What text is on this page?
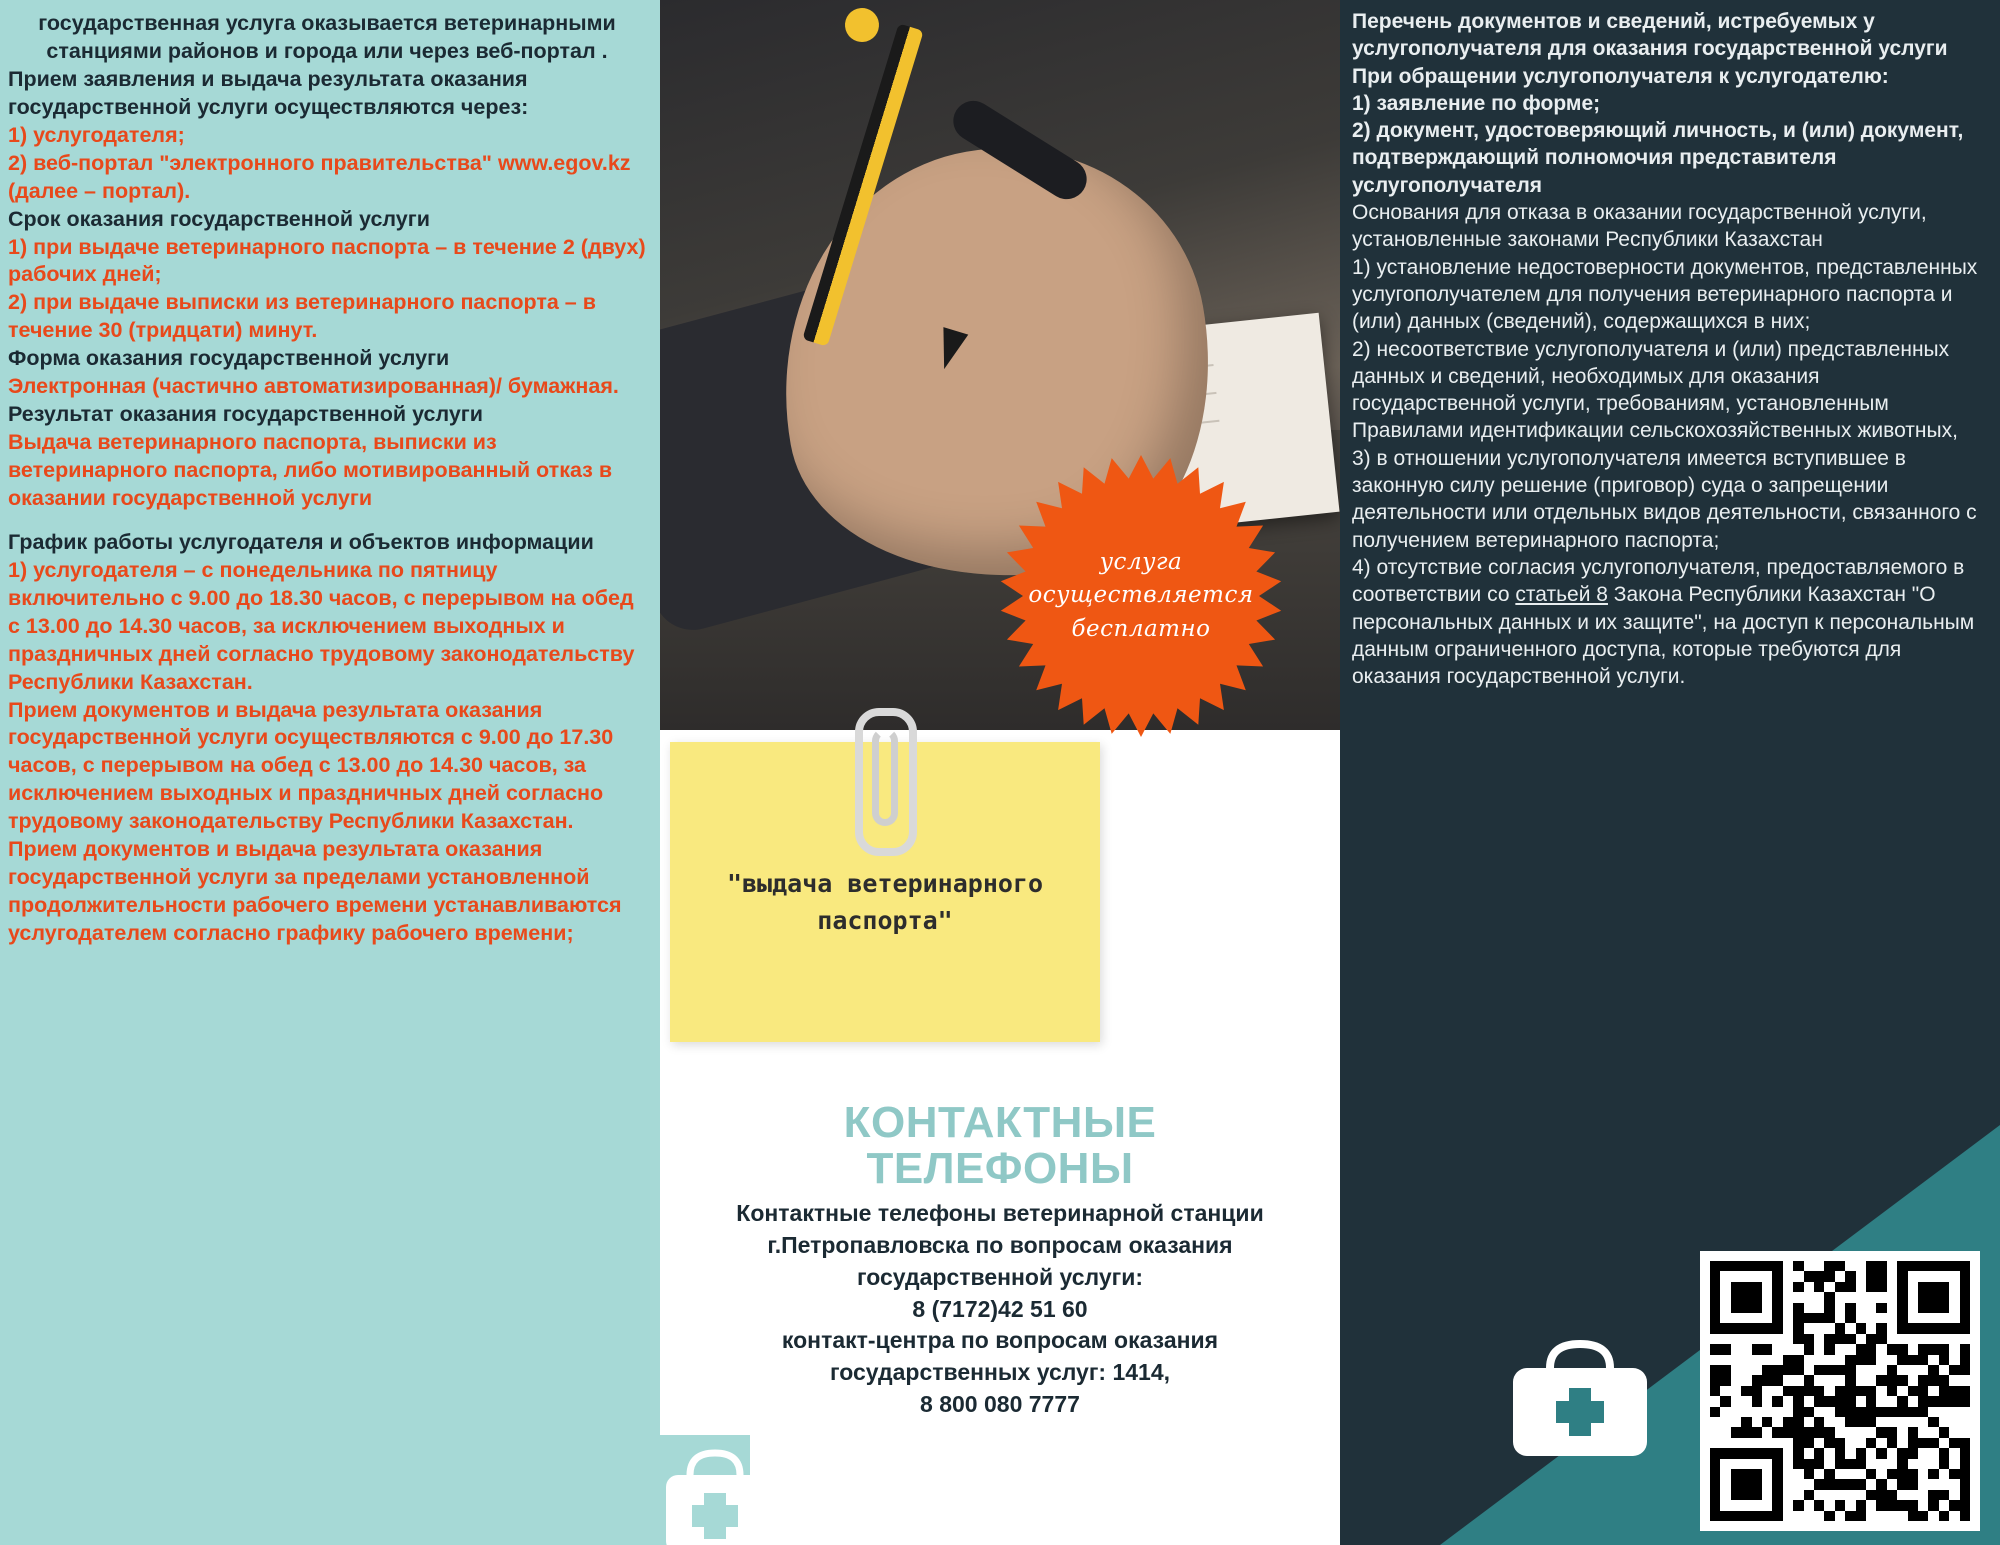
государственная услуга оказывается ветеринарными станциями районов и города или через веб-портал .

Прием заявления и выдача результата оказания государственной услуги осуществляются через:

1) услугодателя;

2) веб-портал "электронного правительства" www.egov.kz (далее – портал).

Срок оказания государственной услуги

1) при выдаче ветеринарного паспорта – в течение 2 (двух) рабочих дней;

2) при выдаче выписки из ветеринарного паспорта – в течение 30 (тридцати) минут.

Форма оказания государственной услуги

Электронная (частично автоматизированная)/ бумажная.

Результат оказания государственной услуги

Выдача ветеринарного паспорта, выписки из ветеринарного паспорта, либо мотивированный отказ в оказании государственной услуги

График работы услугодателя и объектов информации

1) услугодателя – с понедельника по пятницу включительно с 9.00 до 18.30 часов, с перерывом на обед с 13.00 до 14.30 часов, за исключением выходных и праздничных дней согласно трудовому законодательству Республики Казахстан.

Прием документов и выдача результата оказания государственной услуги осуществляются с 9.00 до 17.30 часов, с перерывом на обед с 13.00 до 14.30 часов, за исключением выходных и праздничных дней согласно трудовому законодательству Республики Казахстан.

Прием документов и выдача результата оказания государственной услуги за пределами установленной продолжительности рабочего времени устанавливаются услугодателем согласно графику рабочего времени;

"выдача ветеринарного паспорта"
КОНТАКТНЫЕ ТЕЛЕФОНЫ

Контактные телефоны ветеринарной станции г.Петропавловска по вопросам оказания государственной услуги:

8 (7172)42 51 60

контакт-центра по вопросам оказания государственных услуг: 1414,

8 800 080 7777

Перечень документов и сведений, истребуемых у услугополучателя для оказания государственной услуги При обращении услугополучателя к услугодателю:

1) заявление по форме;

2) документ, удостоверяющий личность, и (или) документ, подтверждающий полномочия представителя услугополучателя

Основания для отказа в оказании государственной услуги, установленные законами Республики Казахстан

1) установление недостоверности документов, представленных услугополучателем для получения ветеринарного паспорта и (или) данных (сведений), содержащихся в них;

2) несоответствие услугополучателя и (или) представленных данных и сведений, необходимых для оказания государственной услуги, требованиям, установленным Правилами идентификации сельскохозяйственных животных, 3) в отношении услугополучателя имеется вступившее в законную силу решение (приговор) суда о запрещении деятельности или отдельных видов деятельности, связанного с получением ветеринарного паспорта;

4) отсутствие согласия услугополучателя, предоставляемого в соответствии со статьей 8 Закона Республики Казахстан "О персональных данных и их защите", на доступ к персональным данным ограниченного доступа, которые требуются для оказания государственной услуги.

услуга
осуществляется
бесплатно
